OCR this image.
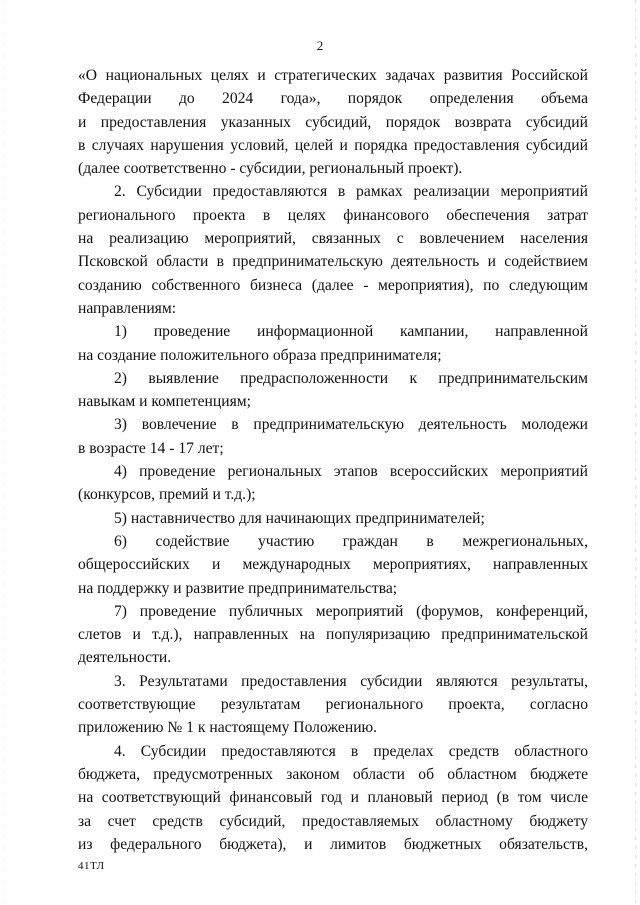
2
«О национальных целях и стратегических задачах развития Российской
Федерации до 2024 года», порядок определения объема
и предоставления указанных субсидий, порядок возврата субсидий
в случаях нарушения условий, целей и порядка предоставления субсидий
(далее соответственно - субсидии, региональный проект).
2. Субсидии предоставляются в рамках реализации мероприятий
регионального проекта в целях финансового обеспечения затрат
на реализацию мероприятий, связанных с вовлечением населения
Псковской области в предпринимательскую деятельность и содействием
созданию собственного бизнеса (далее - мероприятия), по следующим
направлениям:
1) проведение информационной кампании, направленной
на создание положительного образа предпринимателя;
2) выявление предрасположенности к предпринимательским
навыкам и компетенциям;
3) вовлечение в предпринимательскую деятельность молодежи
в возрасте 14 - 17 лет;
4) проведение региональных этапов всероссийских мероприятий
(конкурсов, премий и т.д.);
5) наставничество для начинающих предпринимателей;
6) содействие участию граждан в межрегиональных,
общероссийских и международных мероприятиях, направленных
на поддержку и развитие предпринимательства;
7) проведение публичных мероприятий (форумов, конференций,
слетов и т.д.), направленных на популяризацию предпринимательской
деятельности.
3. Результатами предоставления субсидии являются результаты,
соответствующие результатам регионального проекта, согласно
приложению № 1 к настоящему Положению.
4. Субсидии предоставляются в пределах средств областного
бюджета, предусмотренных законом области об областном бюджете
на соответствующий финансовый год и плановый период (в том числе
за счет средств субсидий, предоставляемых областному бюджету
из федерального бюджета), и лимитов бюджетных обязательств,
41ТЛ
